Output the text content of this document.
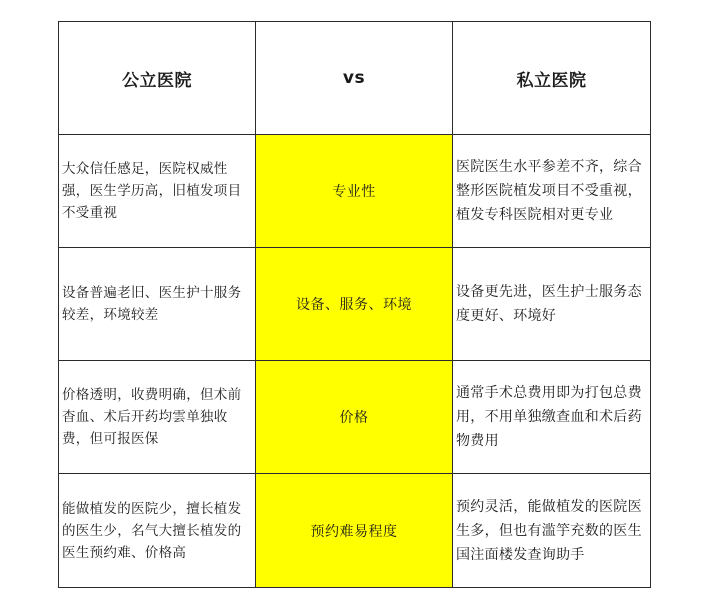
公立医院	vs	私立医院

大众信任感足，医院权威性强，医生学历高，旧植发项目不受重视	专业性	医院医生水平参差不齐，综合整形医院植发项目不受重视，植发专科医院相对更专业

设备普遍老旧、医生护十服务较差，环境较差	设备、服务、环境	设备更先进，医生护士服务态度更好、环境好

价格透明，收费明确，但术前杳血、术后开药均雲单独收费，但可报医保	价格	通常手术总费用即为打包总费用，不用单独缴查血和术后药物费用

能做植发的医院少，擅长植发的医生少，名气大擅长植发的医生预约难、价格高	预约难易程度	预约灵活，能做植发的医院医生多，但也有滥竽充数的医生国注面楼发查询助手
